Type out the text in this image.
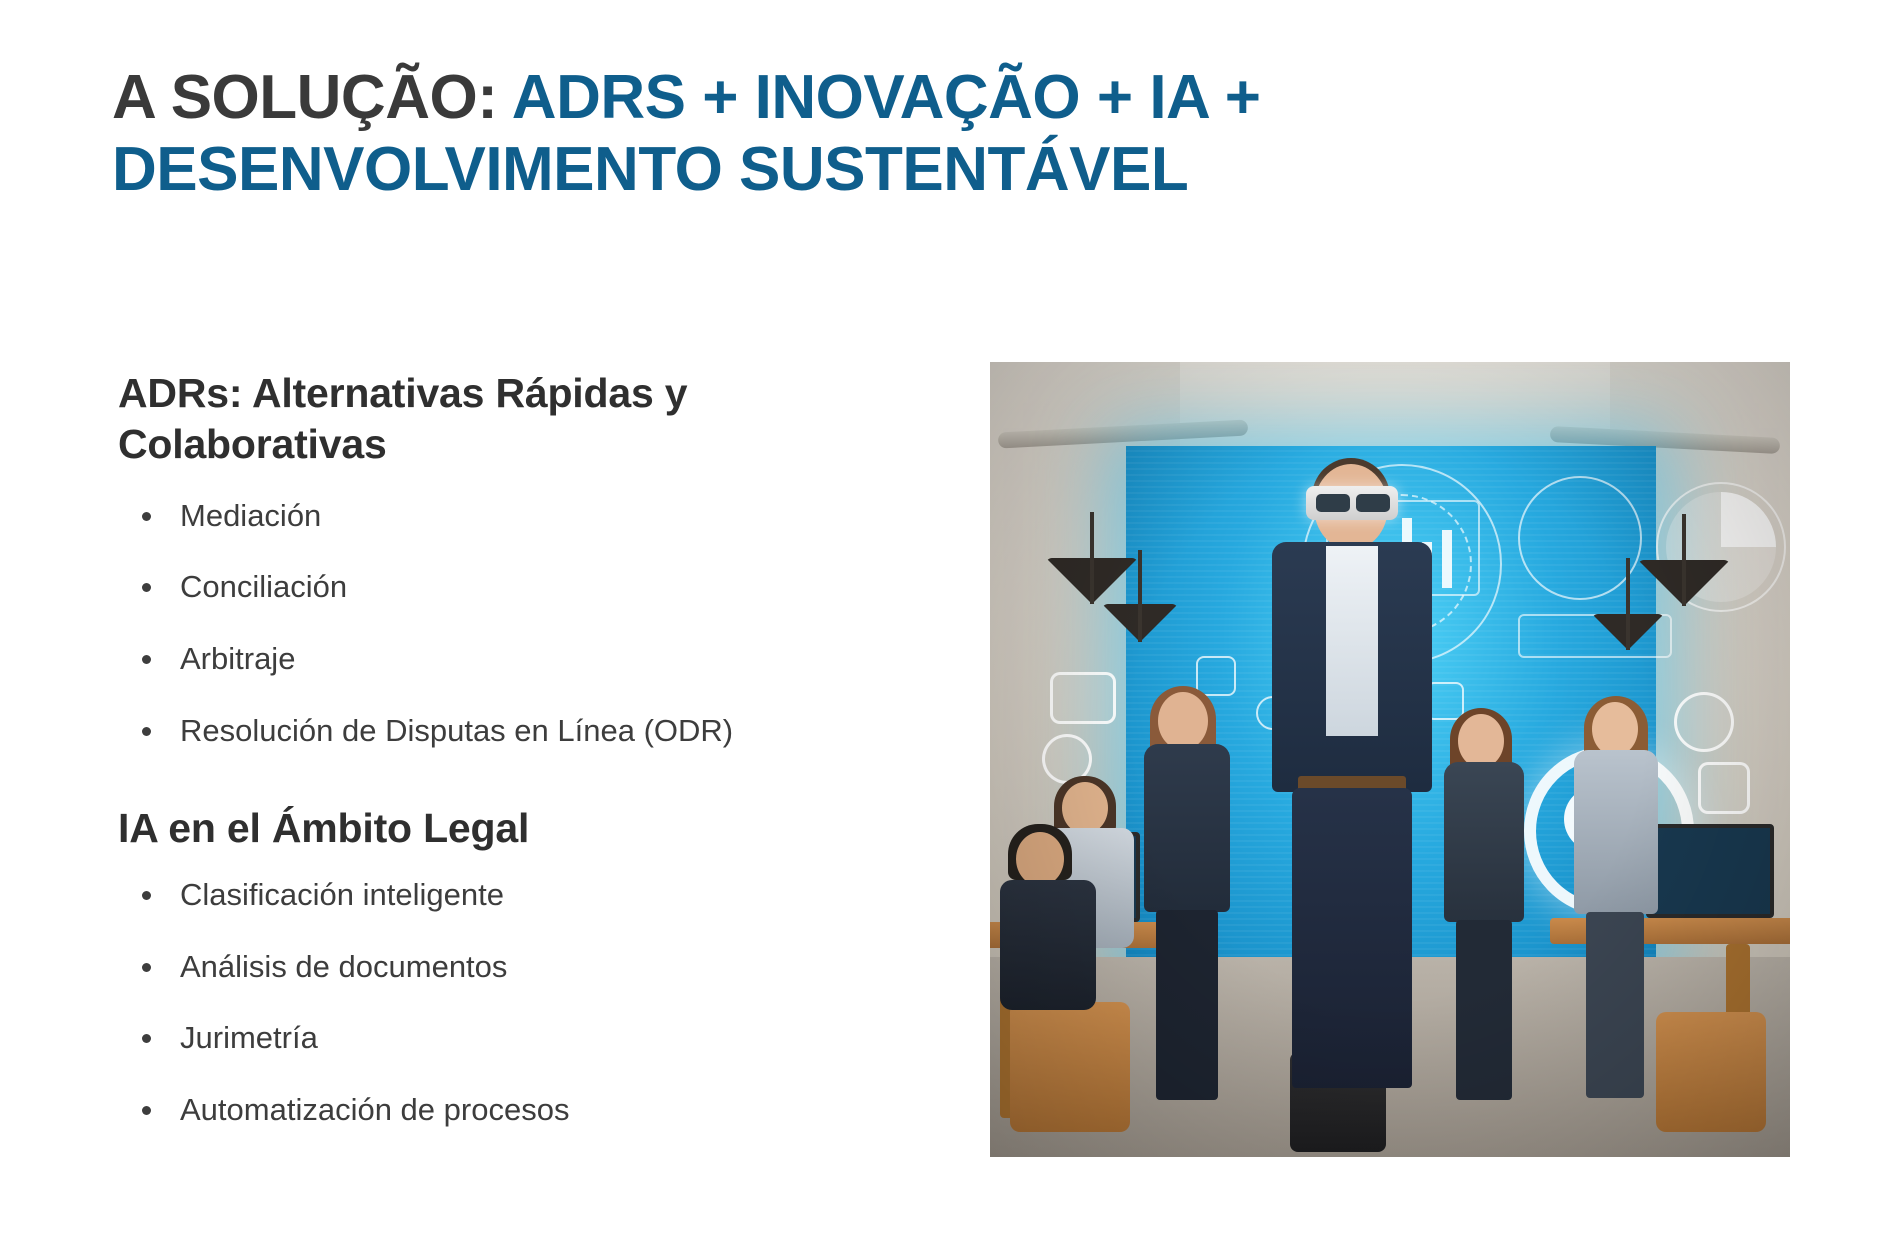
A SOLUÇÃO: ADRS + INOVAÇÃO + IA + DESENVOLVIMENTO SUSTENTÁVEL
ADRs: Alternativas Rápidas y Colaborativas
Mediación
Conciliación
Arbitraje
Resolución de Disputas en Línea (ODR)
IA en el Ámbito Legal
Clasificación inteligente
Análisis de documentos
Jurimetría
Automatización de procesos
